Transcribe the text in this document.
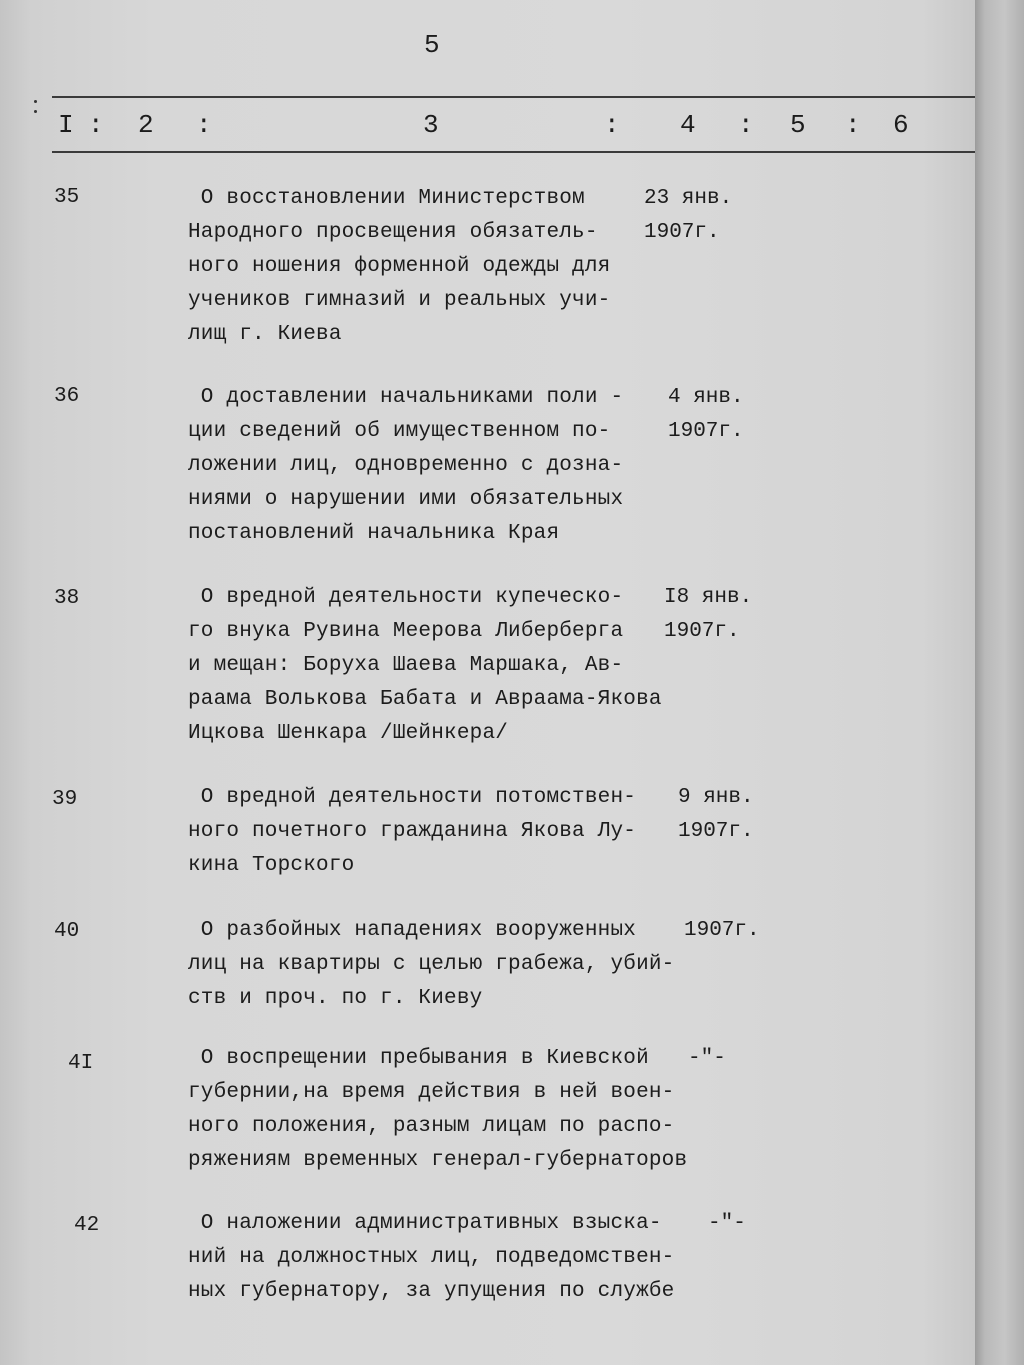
5
I : 2 :	3	: 4 : 5 : 6
35	О восстановлении Министерством
Народного просвещения обязатель-
ного ношения форменной одежды для
учеников гимназий и реальных учи-
лищ г. Киева
23 янв.
1907г.
36	О доставлении начальниками поли -
ции сведений об имущественном по-
ложении лиц, одновременно с дозна-
ниями о нарушении ими обязательных
постановлений начальника Края
4 янв.
1907г.
38	О вредной деятельности купеческо-
го внука Рувина Меерова Либерберга
и мещан: Боруха Шаева Маршака, Ав-
раама Волькова Бабата и Авраама-Якова
Ицкова Шенкара /Шейнкера/
I8 янв.
1907г.
39	О вредной деятельности потомствен-
ного почетного гражданина Якова Лу-
кина Торского
9 янв.
1907г.
40	О разбойных нападениях вооруженных
лиц на квартиры с целью грабежа, убий-
ств и проч. по г. Киеву
1907г.
4I	О воспрещении пребывания в Киевской
губернии,на время действия в ней воен-
ного положения, разным лицам по распо-
ряжениям временных генерал-губернаторов
-"-
42	О наложении административных взыска-
ний на должностных лиц, подведомствен-
ных губернатору, за упущения по службе
-"-
